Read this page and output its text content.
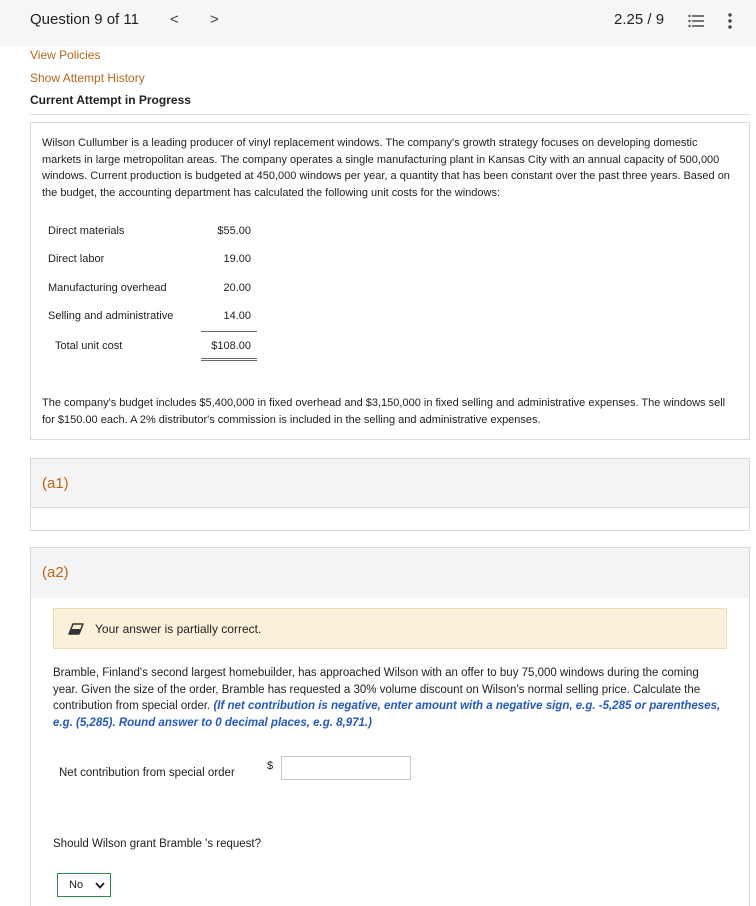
Question 9 of 11 < >	2.25 / 9
View Policies
Show Attempt History
Current Attempt in Progress
Wilson Cullumber is a leading producer of vinyl replacement windows. The company's growth strategy focuses on developing domestic markets in large metropolitan areas. The company operates a single manufacturing plant in Kansas City with an annual capacity of 500,000 windows. Current production is budgeted at 450,000 windows per year, a quantity that has been constant over the past three years. Based on the budget, the accounting department has calculated the following unit costs for the windows:
Direct materials	$55.00
Direct labor	19.00
Manufacturing overhead	20.00
Selling and administrative	14.00
Total unit cost	$108.00
The company's budget includes $5,400,000 in fixed overhead and $3,150,000 in fixed selling and administrative expenses. The windows sell for $150.00 each. A 2% distributor's commission is included in the selling and administrative expenses.
(a1)
(a2)
Your answer is partially correct.
Bramble, Finland's second largest homebuilder, has approached Wilson with an offer to buy 75,000 windows during the coming year. Given the size of the order, Bramble has requested a 30% volume discount on Wilson's normal selling price. Calculate the contribution from special order. (If net contribution is negative, enter amount with a negative sign, e.g. -5,285 or parentheses, e.g. (5,285). Round answer to 0 decimal places, e.g. 8,971.)
Net contribution from special order
$
Should Wilson grant Bramble 's request?
No
